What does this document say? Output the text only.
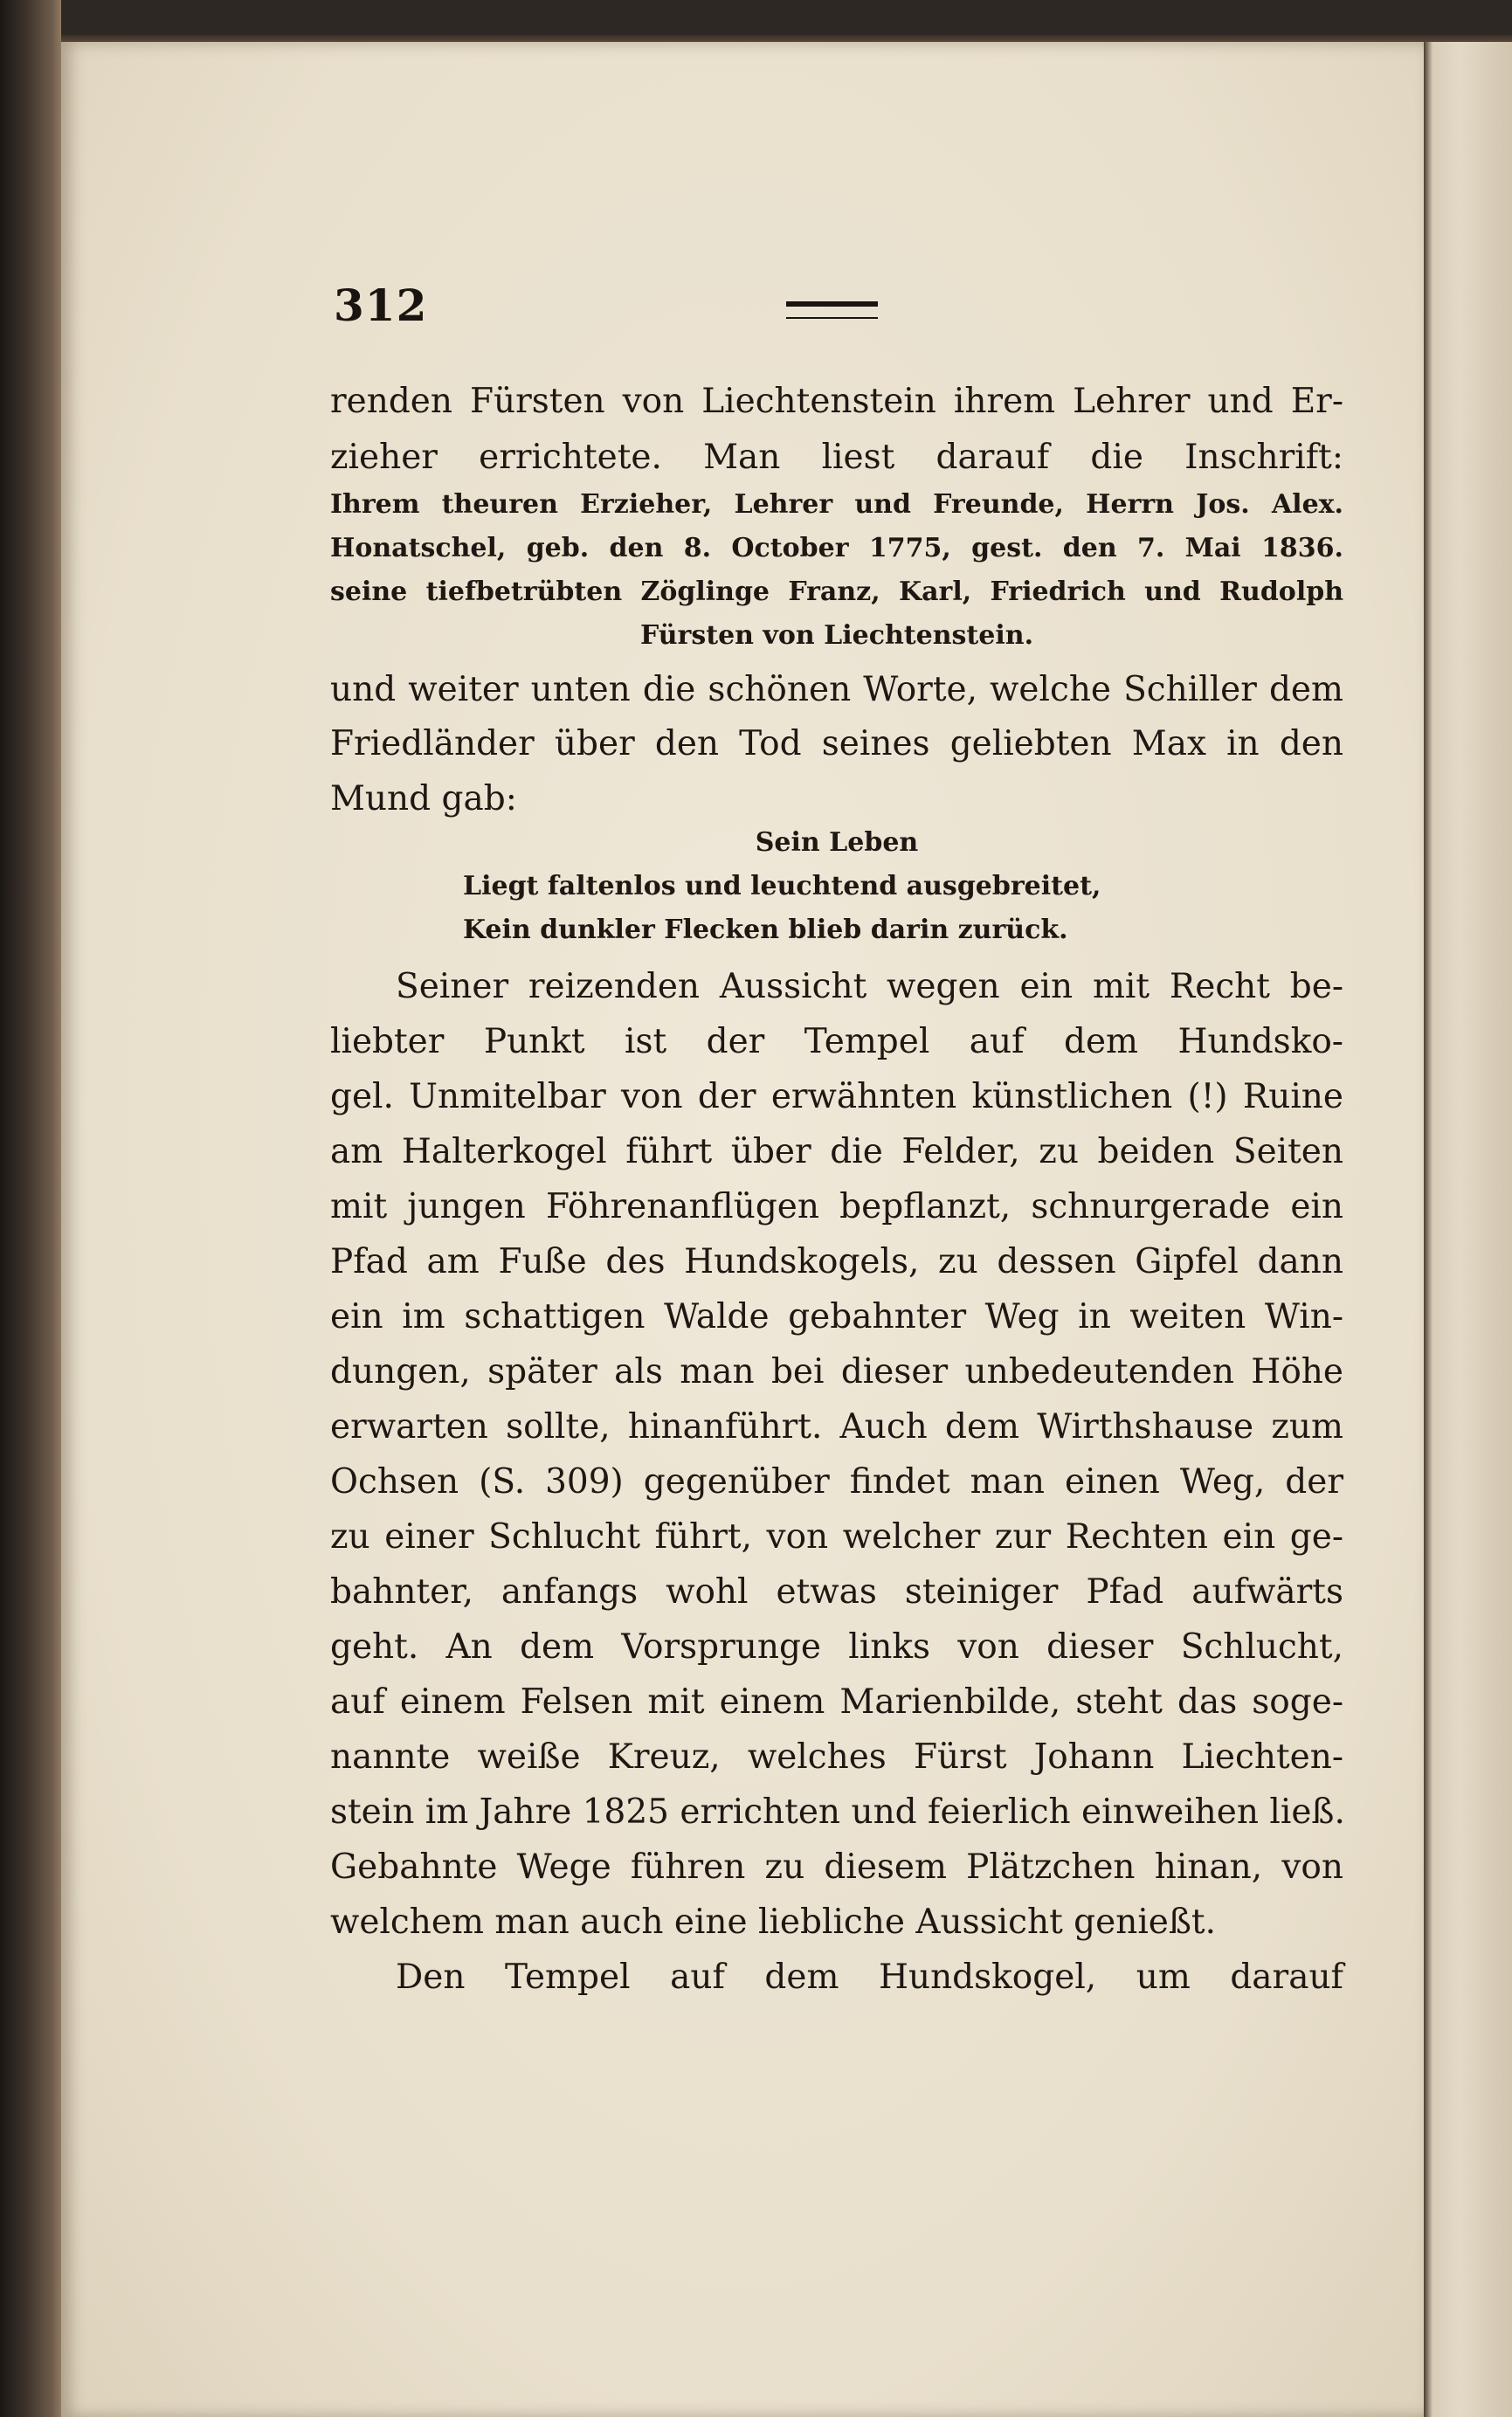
312

renden Fürsten von Liechtenstein ihrem Lehrer und Er-

zieher errichtete. Man liest darauf die Inschrift:

Ihrem theuren Erzieher, Lehrer und Freunde, Herrn Jos. Alex.

Honatschel, geb. den 8. October 1775, gest. den 7. Mai 1836.

seine tiefbetrübten Zöglinge Franz, Karl, Friedrich und Rudolph

Fürsten von Liechtenstein.

und weiter unten die schönen Worte, welche Schiller dem

Friedländer über den Tod seines geliebten Max in den

Mund gab:

Sein Leben

Liegt faltenlos und leuchtend ausgebreitet,

Kein dunkler Flecken blieb darin zurück.

Seiner reizenden Aussicht wegen ein mit Recht be-

liebter Punkt ist der Tempel auf dem Hundsko-

gel. Unmitelbar von der erwähnten künstlichen (!) Ruine

am Halterkogel führt über die Felder, zu beiden Seiten

mit jungen Föhrenanflügen bepflanzt, schnurgerade ein

Pfad am Fuße des Hundskogels, zu dessen Gipfel dann

ein im schattigen Walde gebahnter Weg in weiten Win-

dungen, später als man bei dieser unbedeutenden Höhe

erwarten sollte, hinanführt. Auch dem Wirthshause zum

Ochsen (S. 309) gegenüber findet man einen Weg, der

zu einer Schlucht führt, von welcher zur Rechten ein ge-

bahnter, anfangs wohl etwas steiniger Pfad aufwärts

geht. An dem Vorsprunge links von dieser Schlucht,

auf einem Felsen mit einem Marienbilde, steht das soge-

nannte weiße Kreuz, welches Fürst Johann Liechten-

stein im Jahre 1825 errichten und feierlich einweihen ließ.

Gebahnte Wege führen zu diesem Plätzchen hinan, von

welchem man auch eine liebliche Aussicht genießt.

Den Tempel auf dem Hundskogel, um darauf
